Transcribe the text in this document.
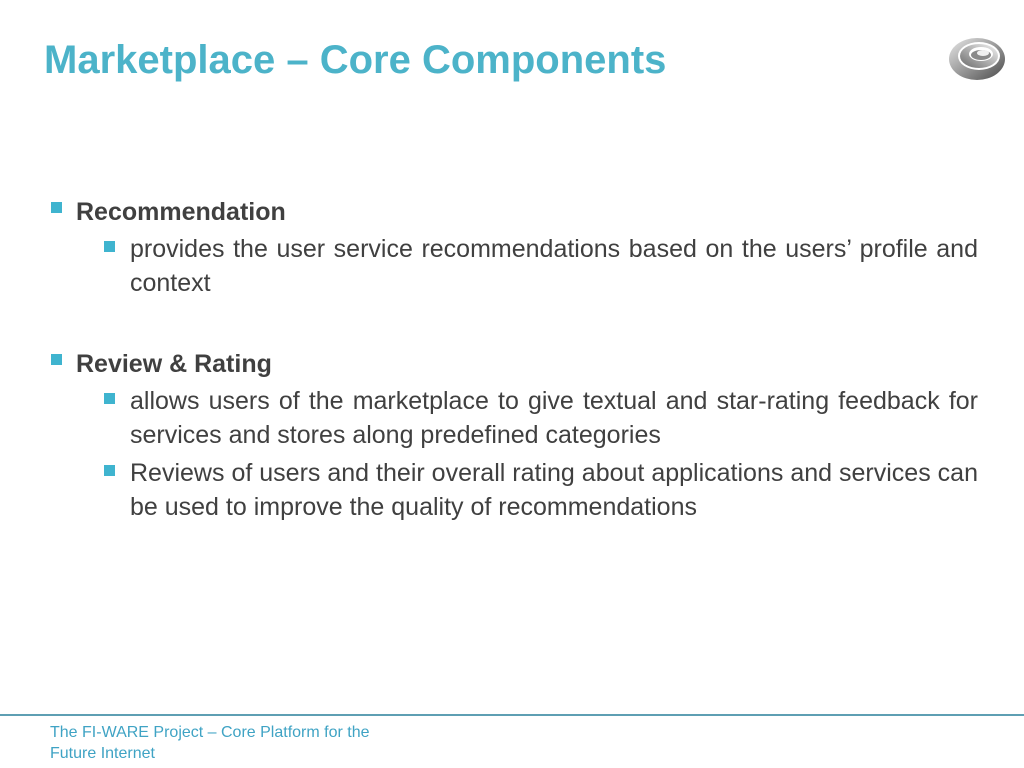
Marketplace – Core Components
Recommendation
provides the user service recommendations based on the users’ profile and context
Review & Rating
allows users of the marketplace to give textual and star-rating feedback for services and stores along predefined categories
Reviews of users and their overall rating about applications and services can be used to improve the quality of recommendations
The FI-WARE Project – Core Platform for the Future Internet
